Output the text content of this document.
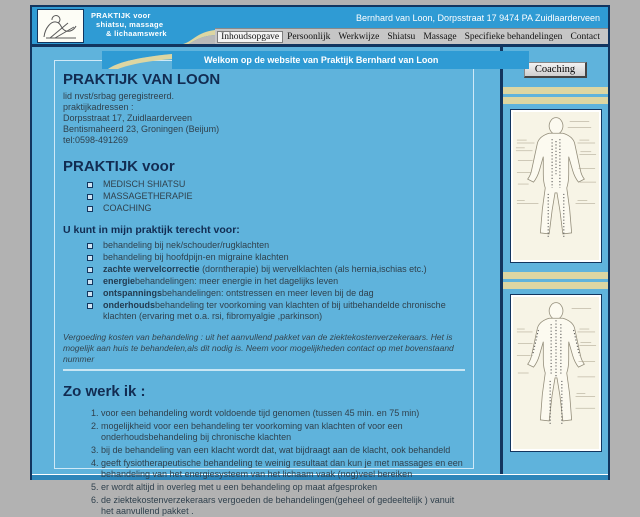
PRAKTIJK voor
shiatsu, massage
& lichaamswerk
Bernhard van Loon, Dorpsstraat 17 9474 PA Zuidlaarderveen
Inhoudsopgave Persoonlijk Werkwijze Shiatsu Massage Specifieke behandelingen Contact
Welkom op de website van Praktijk Bernhard van Loon
PRAKTIJK VAN LOON
lid nvst/srbag geregistreerd.
praktijkadressen :
Dorpsstraat 17, Zuidlaarderveen
Bentismaheerd 23, Groningen (Beijum)
tel:0598-491269
PRAKTIJK voor
MEDISCH SHIATSU
MASSAGETHERAPIE
COACHING
U kunt in mijn praktijk terecht voor:
behandeling bij nek/schouder/rugklachten
behandeling bij hoofdpijn-en migraine klachten
zachte wervelcorrectie (dorntherapie) bij wervelklachten (als hernia,ischias etc.)
energiebehandelingen: meer energie in het dagelijks leven
ontspanningsbehandelingen: ontstressen en meer leven bij de dag
onderhoudsbehandeling ter voorkoming van klachten of bij uitbehandelde chronische klachten (ervaring met o.a. rsi, fibromyalgie ,parkinson)

Vergoeding kosten van behandeling : uit het aanvullend pakket van de ziektekostenverzekeraars. Het is mogelijk aan huis te behandelen,als dit nodig is. Neem voor mogelijkheden contact op met bovenstaand nummer

Zo werk ik :
1. voor een behandeling wordt voldoende tijd genomen (tussen 45 min. en 75 min)
2. mogelijkheid voor een behandeling ter voorkoming van klachten of voor een onderhoudsbehandeling bij chronische klachten
3. bij de behandeling van een klacht wordt dat, wat bijdraagt aan de klacht, ook behandeld
4. geeft fysiotherapeutische behandeling te weinig resultaat dan kun je met massages en een behandeling van het energiesysteem van het lichaam vaak (nog)veel bereiken
5. er wordt altijd in overleg met u een behandeling op maat afgesproken
6. de ziektekostenverzekeraars vergoeden de behandelingen(geheel of gedeeltelijk ) vanuit het aanvullend pakket .
Coaching
